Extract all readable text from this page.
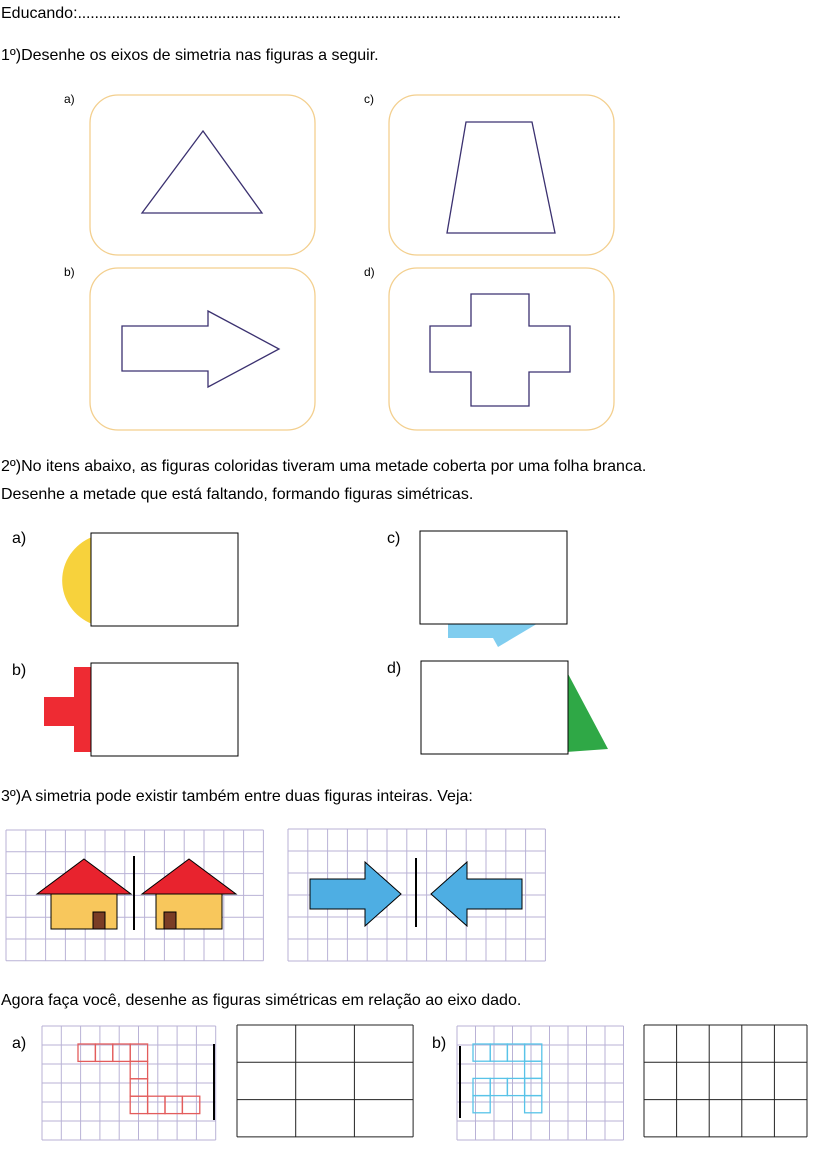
Educando:................................................................................................................................
1º)Desenhe os eixos de simetria nas figuras a seguir.
a)	c)
b)	d)
2º)No itens abaixo, as figuras coloridas tiveram uma metade coberta por uma folha branca.
Desenhe a metade que está faltando, formando figuras simétricas.
a)	c)
b)	d)
3º)A simetria pode existir também entre duas figuras inteiras. Veja:
Agora faça você, desenhe as figuras simétricas em relação ao eixo dado.
a)	b)
